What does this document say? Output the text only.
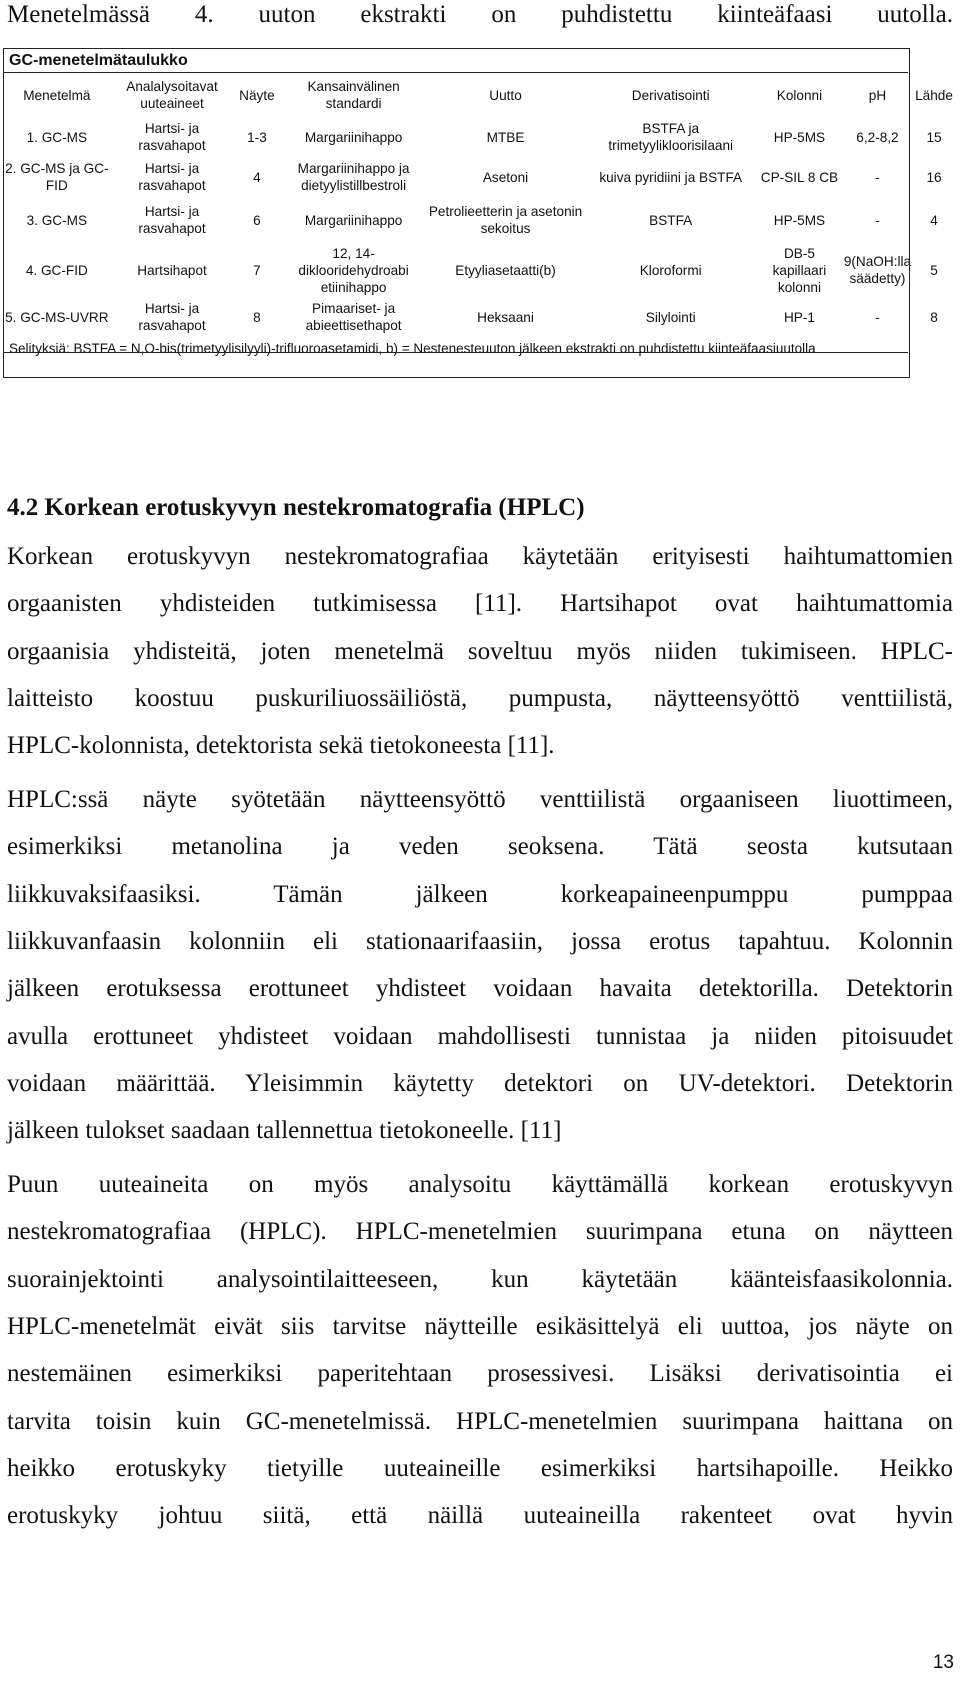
Menetelmässä 4. uuton ekstrakti on puhdistettu kiinteäfaasi uutolla.
GC-menetelmätaulukko								
Menetelmä	Analalysoitavat uuteaineet	Näyte	Kansainvälinen standardi	Uutto	Derivatisointi	Kolonni	pH	Lähde
1. GC-MS	Hartsi- ja rasvahapot	1-3	Margariinihappo	MTBE	BSTFA ja trimetyylikloorisilaani	HP-5MS	6,2-8,2	15
2. GC-MS ja GC-FID	Hartsi- ja rasvahapot	4	Margariinihappo ja dietyylistillbestroli	Asetoni	kuiva pyridiini ja BSTFA	CP-SIL 8 CB	-	16
3. GC-MS	Hartsi- ja rasvahapot	6	Margariinihappo	Petrolieetterin ja asetonin sekoitus	BSTFA	HP-5MS	-	4
4. GC-FID	Hartsihapot	7	12, 14-diklooridehydroabi etiinihappo	Etyyliasetaatti(b)	Kloroformi	DB-5 kapillaari kolonni	9(NaOH:lla säädetty)	5
5. GC-MS-UVRR	Hartsi- ja rasvahapot	8	Pimaariset- ja abieettisethapot	Heksaani	Silylointi	HP-1	-	8
Selityksiä: BSTFA = N,O-bis(trimetyylisilyyli)-trifluoroasetamidi, b) = Nestenesteuuton jälkeen ekstrakti on puhdistettu kiinteäfaasiuutolla								
4.2 Korkean erotuskyvyn nestekromatografia (HPLC)
Korkean erotuskyvyn nestekromatografiaa käytetään erityisesti haihtumattomien
orgaanisten yhdisteiden tutkimisessa [11]. Hartsihapot ovat haihtumattomia
orgaanisia yhdisteitä, joten menetelmä soveltuu myös niiden tukimiseen. HPLC-
laitteisto koostuu puskuriliuossäiliöstä, pumpusta, näytteensyöttö venttiilistä,
HPLC-kolonnista, detektorista sekä tietokoneesta [11].
HPLC:ssä näyte syötetään näytteensyöttö venttiilistä orgaaniseen liuottimeen,
esimerkiksi metanolina ja veden seoksena. Tätä seosta kutsutaan
liikkuvaksifaasiksi. Tämän jälkeen korkeapaineenpumppu pumppaa
liikkuvanfaasin kolonniin eli stationaarifaasiin, jossa erotus tapahtuu. Kolonnin
jälkeen erotuksessa erottuneet yhdisteet voidaan havaita detektorilla. Detektorin
avulla erottuneet yhdisteet voidaan mahdollisesti tunnistaa ja niiden pitoisuudet
voidaan määrittää. Yleisimmin käytetty detektori on UV-detektori. Detektorin
jälkeen tulokset saadaan tallennettua tietokoneelle. [11]
Puun uuteaineita on myös analysoitu käyttämällä korkean erotuskyvyn
nestekromatografiaa (HPLC). HPLC-menetelmien suurimpana etuna on näytteen
suorainjektointi analysointilaitteeseen, kun käytetään käänteisfaasikolonnia.
HPLC-menetelmät eivät siis tarvitse näytteille esikäsittelyä eli uuttoa, jos näyte on
nestemäinen esimerkiksi paperitehtaan prosessivesi. Lisäksi derivatisointia ei
tarvita toisin kuin GC-menetelmissä. HPLC-menetelmien suurimpana haittana on
heikko erotuskyky tietyille uuteaineille esimerkiksi hartsihapoille. Heikko
erotuskyky johtuu siitä, että näillä uuteaineilla rakenteet ovat hyvin
13
